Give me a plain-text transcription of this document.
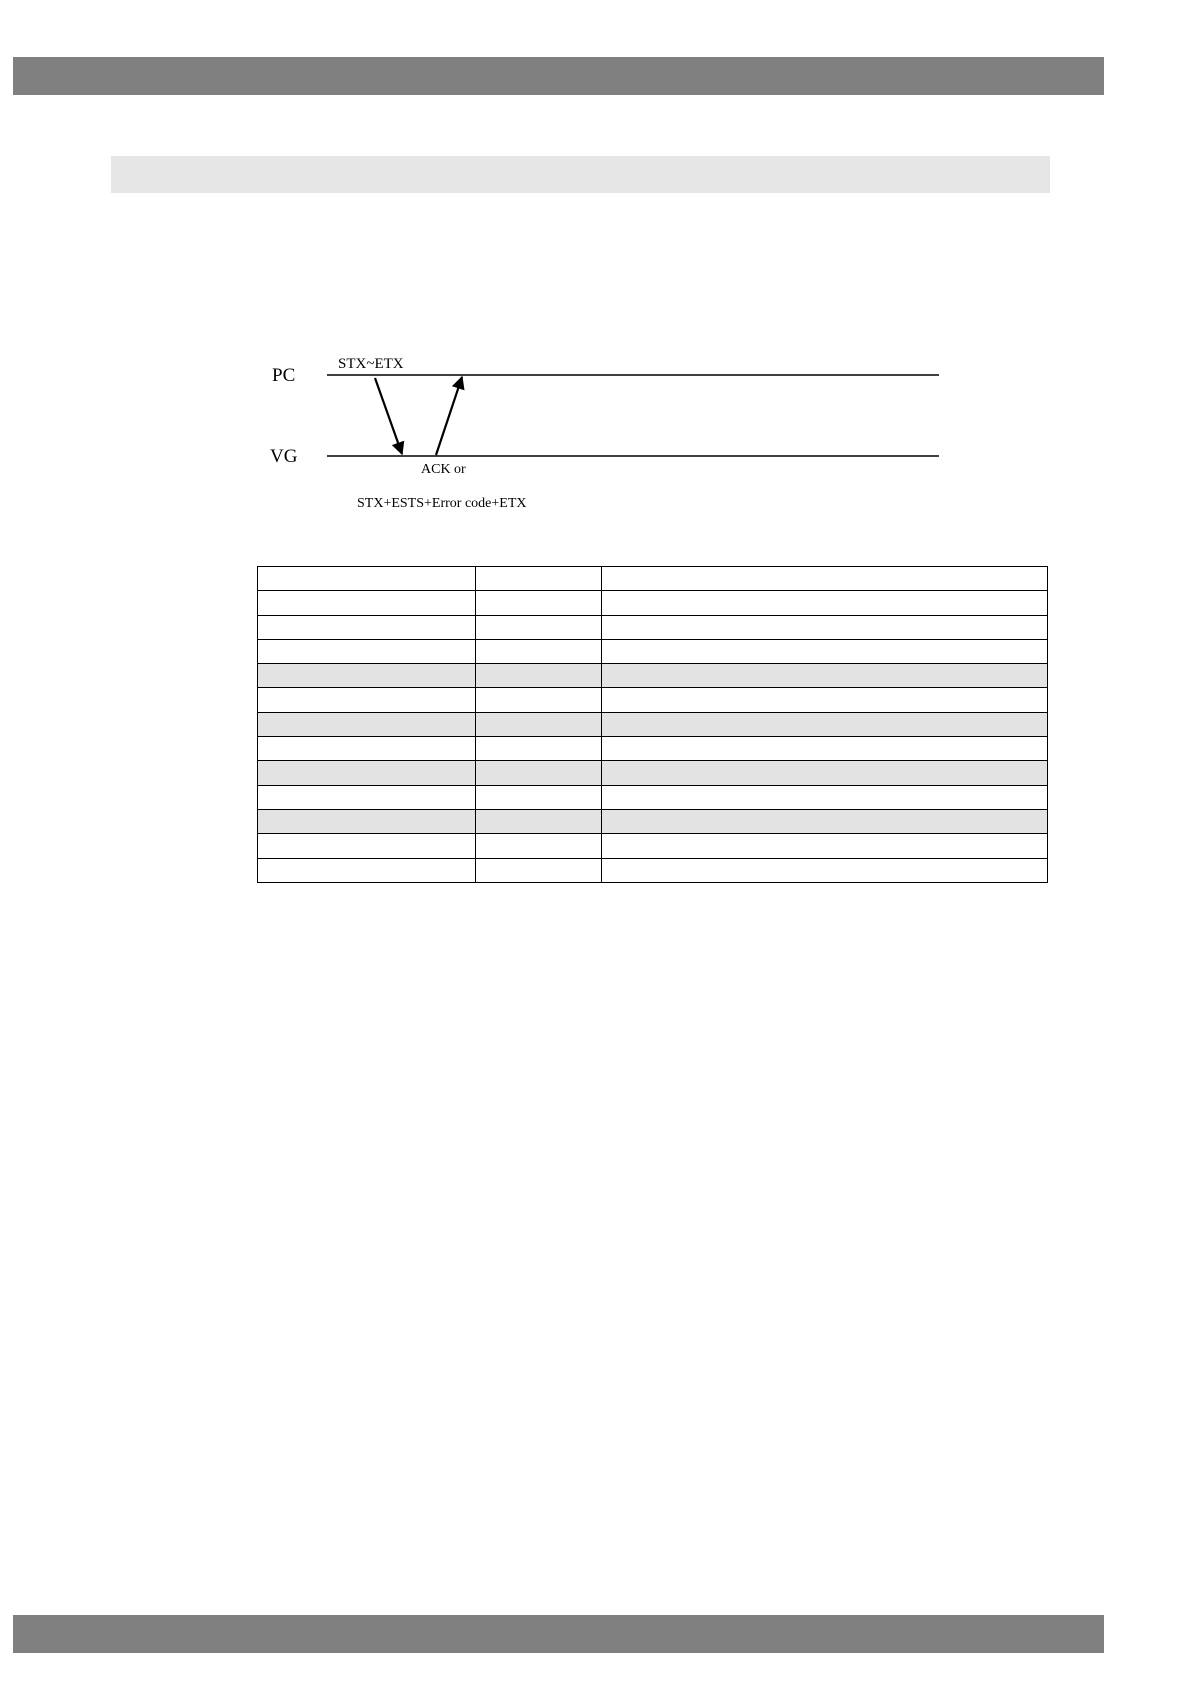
PC
VG
STX~ETX
ACK or
STX+ESTS+Error code+ETX
